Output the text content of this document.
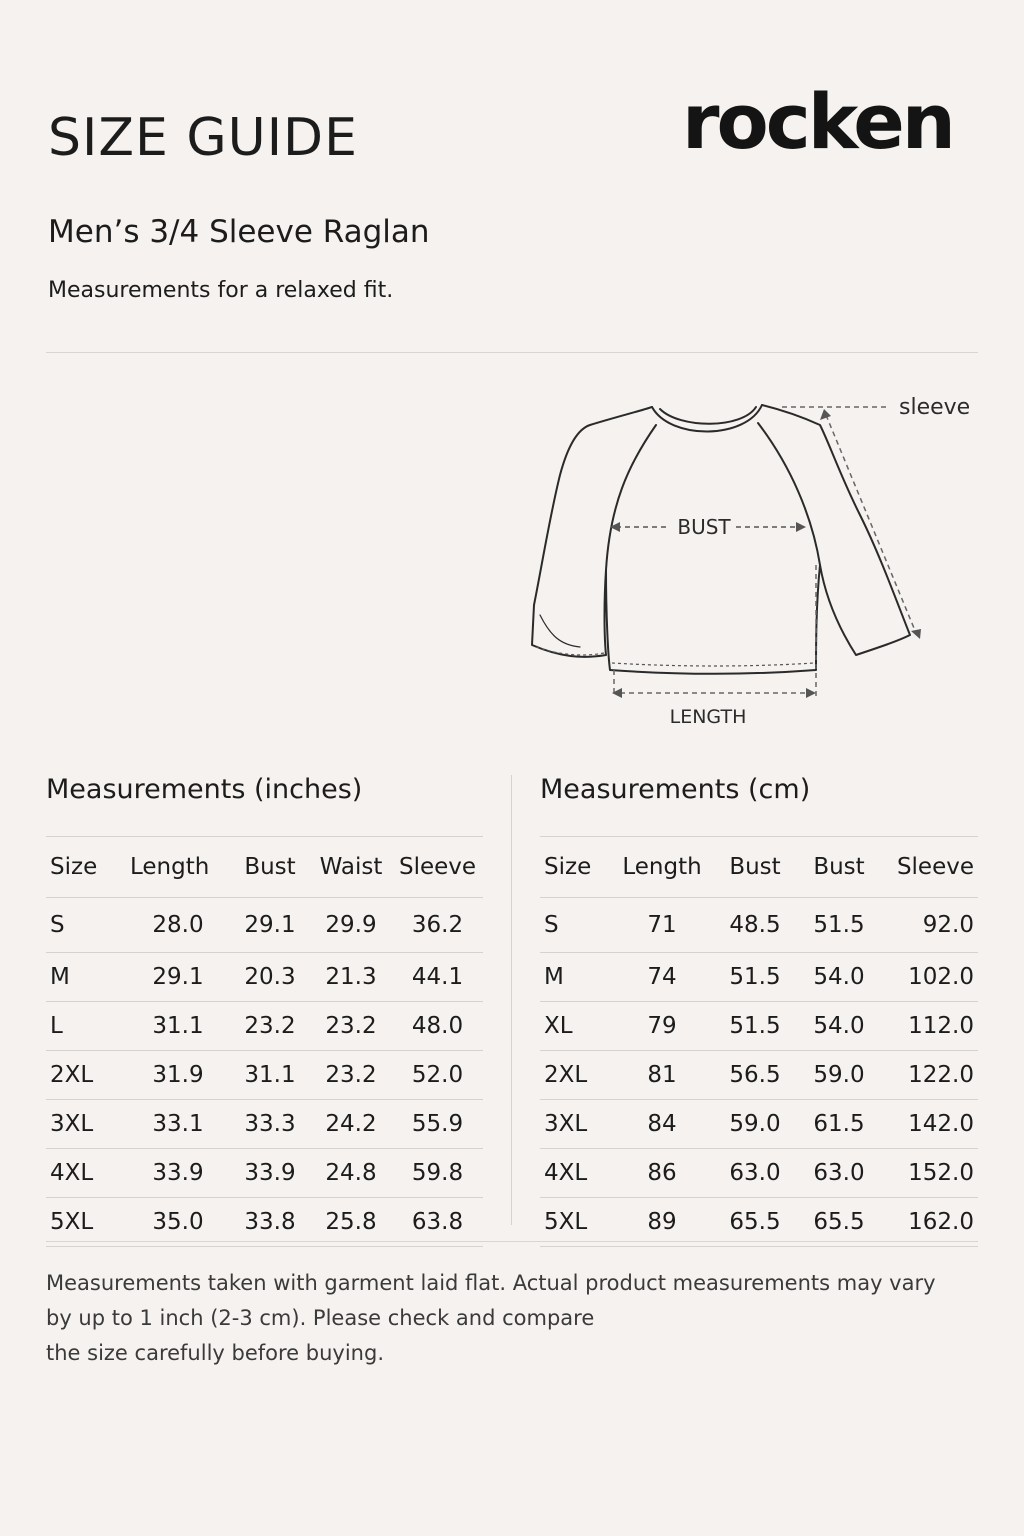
SIZE GUIDE	rocken
Men’s 3/4 Sleeve Raglan

Measurements for a relaxed fit.

BUST
LENGTH
sleeve
Measurements (inches)
Size	Length	Bust	Waist	Sleeve
S	28.0	29.1	29.9	36.2
M	29.1	20.3	21.3	44.1
L	31.1	23.2	23.2	48.0
2XL	31.9	31.1	23.2	52.0
3XL	33.1	33.3	24.2	55.9
4XL	33.9	33.9	24.8	59.8
5XL	35.0	33.8	25.8	63.8
Measurements (cm)
Size	Length	Bust	Bust	Sleeve
S	71	48.5	51.5	92.0
M	74	51.5	54.0	102.0
XL	79	51.5	54.0	112.0
2XL	81	56.5	59.0	122.0
3XL	84	59.0	61.5	142.0
4XL	86	63.0	63.0	152.0
5XL	89	65.5	65.5	162.0

Measurements taken with garment laid flat. Actual product measurements may vary

by up to 1 inch (2-3 cm). Please check and compare

the size carefully before buying.
